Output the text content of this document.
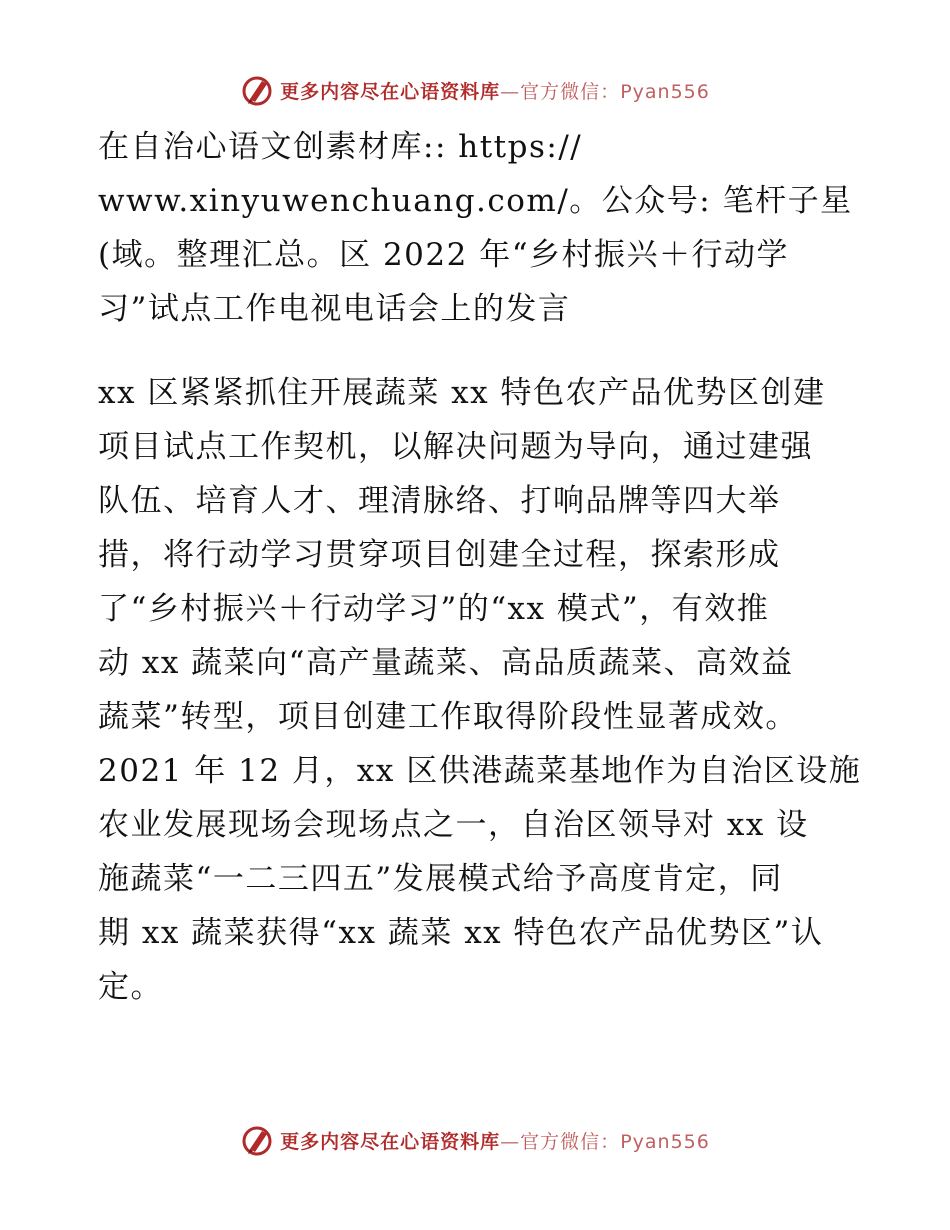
更多内容尽在心语资料库—官方微信：Pyan556
在自治心语文创素材库:: https://
www.xinyuwenchuang.com/。公众号: 笔杆子星
(域。整理汇总。区 2022 年“乡村振兴＋行动学
习”试点工作电视电话会上的发言
xx 区紧紧抓住开展蔬菜 xx 特色农产品优势区创建
项目试点工作契机，以解决问题为导向，通过建强
队伍、培育人才、理清脉络、打响品牌等四大举
措，将行动学习贯穿项目创建全过程，探索形成
了“乡村振兴＋行动学习”的“xx 模式”，有效推
动 xx 蔬菜向“高产量蔬菜、高品质蔬菜、高效益
蔬菜”转型，项目创建工作取得阶段性显著成效。
2021 年 12 月，xx 区供港蔬菜基地作为自治区设施
农业发展现场会现场点之一，自治区领导对 xx 设
施蔬菜“一二三四五”发展模式给予高度肯定，同
期 xx 蔬菜获得“xx 蔬菜 xx 特色农产品优势区”认
定。
更多内容尽在心语资料库—官方微信：Pyan556
